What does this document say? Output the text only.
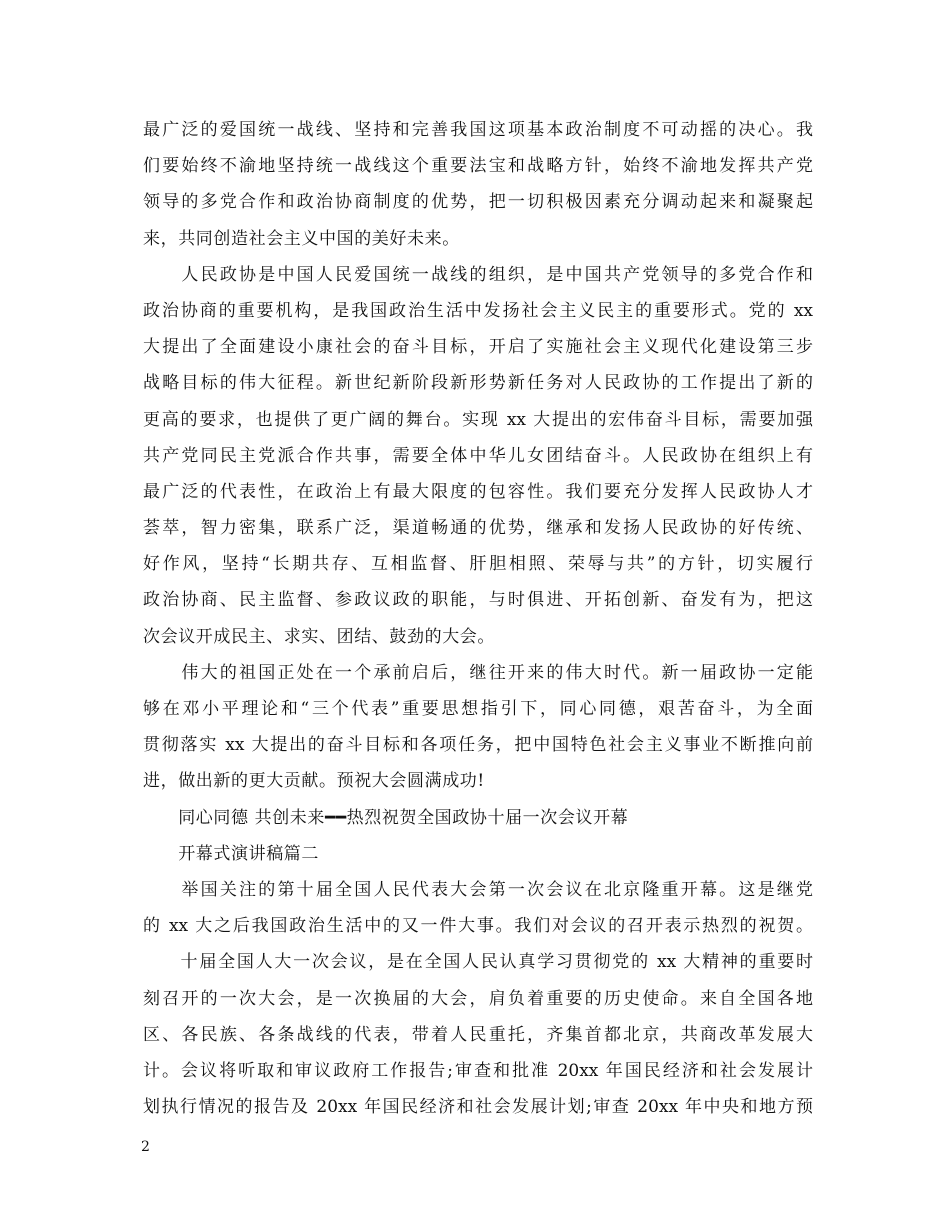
最广泛的爱国统一战线、坚持和完善我国这项基本政治制度不可动摇的决心。我
们要始终不渝地坚持统一战线这个重要法宝和战略方针，始终不渝地发挥共产党
领导的多党合作和政治协商制度的优势，把一切积极因素充分调动起来和凝聚起
来，共同创造社会主义中国的美好未来。
　　人民政协是中国人民爱国统一战线的组织，是中国共产党领导的多党合作和
政治协商的重要机构，是我国政治生活中发扬社会主义民主的重要形式。党的 xx
大提出了全面建设小康社会的奋斗目标，开启了实施社会主义现代化建设第三步
战略目标的伟大征程。新世纪新阶段新形势新任务对人民政协的工作提出了新的
更高的要求，也提供了更广阔的舞台。实现 xx 大提出的宏伟奋斗目标，需要加强
共产党同民主党派合作共事，需要全体中华儿女团结奋斗。人民政协在组织上有
最广泛的代表性，在政治上有最大限度的包容性。我们要充分发挥人民政协人才
荟萃，智力密集，联系广泛，渠道畅通的优势，继承和发扬人民政协的好传统、
好作风，坚持“长期共存、互相监督、肝胆相照、荣辱与共”的方针，切实履行
政治协商、民主监督、参政议政的职能，与时俱进、开拓创新、奋发有为，把这
次会议开成民主、求实、团结、鼓劲的大会。
　　伟大的祖国正处在一个承前启后，继往开来的伟大时代。新一届政协一定能
够在邓小平理论和“三个代表”重要思想指引下，同心同德，艰苦奋斗，为全面
贯彻落实 xx 大提出的奋斗目标和各项任务，把中国特色社会主义事业不断推向前
进，做出新的更大贡献。预祝大会圆满成功!
　　同心同德 共创未来━━热烈祝贺全国政协十届一次会议开幕
　　开幕式演讲稿篇二
　　举国关注的第十届全国人民代表大会第一次会议在北京隆重开幕。这是继党
的 xx 大之后我国政治生活中的又一件大事。我们对会议的召开表示热烈的祝贺。
　　十届全国人大一次会议，是在全国人民认真学习贯彻党的 xx 大精神的重要时
刻召开的一次大会，是一次换届的大会，肩负着重要的历史使命。来自全国各地
区、各民族、各条战线的代表，带着人民重托，齐集首都北京，共商改革发展大
计。会议将听取和审议政府工作报告;审查和批准 20xx 年国民经济和社会发展计
划执行情况的报告及 20xx 年国民经济和社会发展计划;审查 20xx 年中央和地方预
2
